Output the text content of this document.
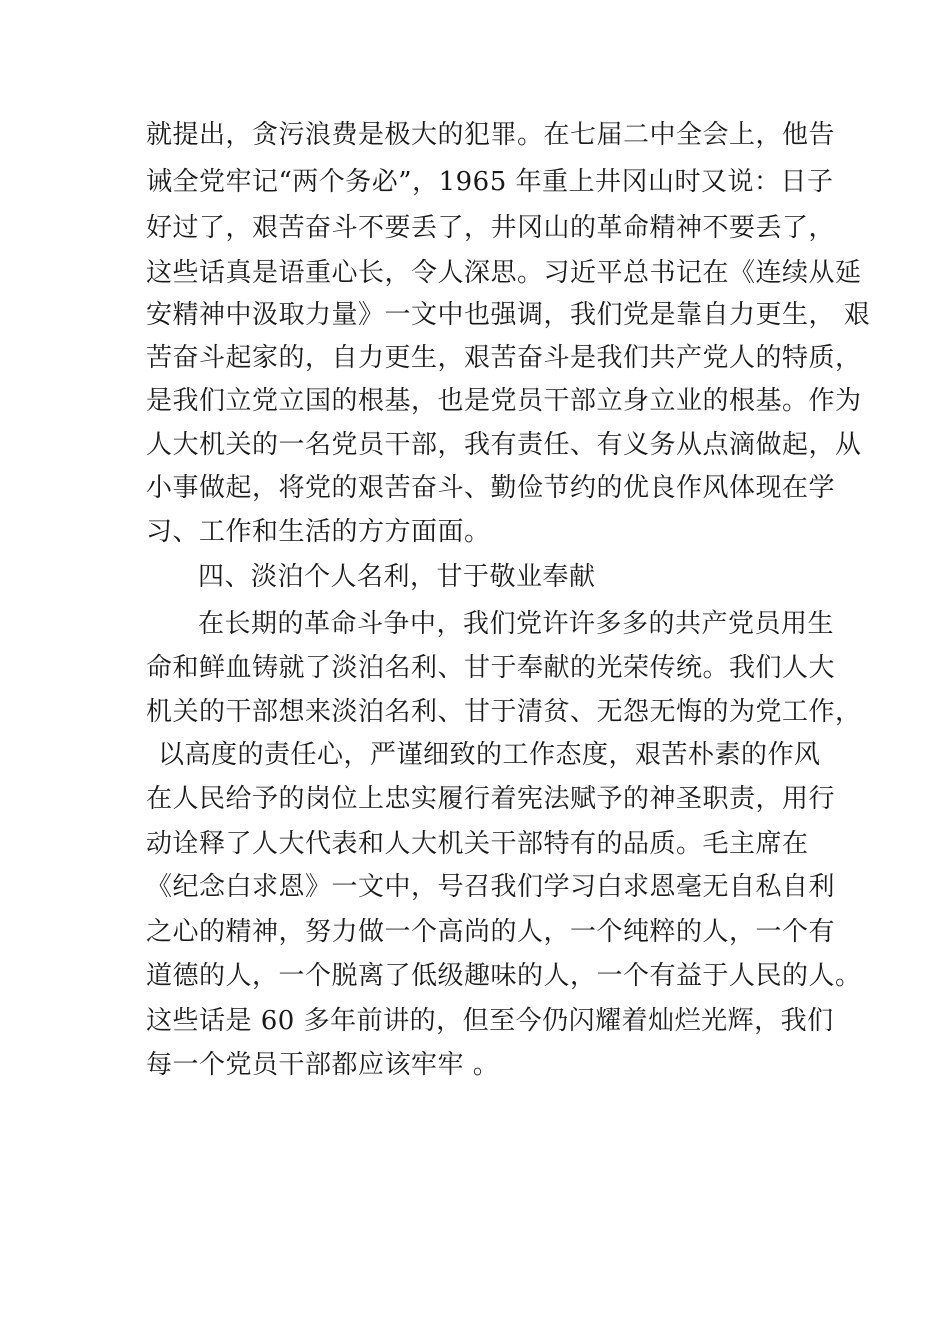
就提出，贪污浪费是极大的犯罪。在七届二中全会上，他告
诫全党牢记“两个务必”，1965 年重上井冈山时又说：日子
好过了，艰苦奋斗不要丢了，井冈山的革命精神不要丢了，
这些话真是语重心长，令人深思。习近平总书记在《连续从延
安精神中汲取力量》一文中也强调，我们党是靠自力更生， 艰
苦奋斗起家的，自力更生，艰苦奋斗是我们共产党人的特质，
是我们立党立国的根基，也是党员干部立身立业的根基。作为
人大机关的一名党员干部，我有责任、有义务从点滴做起，从
小事做起，将党的艰苦奋斗、勤俭节约的优良作风体现在学
习、工作和生活的方方面面。
四、淡泊个人名利，甘于敬业奉献
在长期的革命斗争中，我们党许许多多的共产党员用生
命和鲜血铸就了淡泊名利、甘于奉献的光荣传统。我们人大
机关的干部想来淡泊名利、甘于清贫、无怨无悔的为党工作，
以高度的责任心，严谨细致的工作态度，艰苦朴素的作风
在人民给予的岗位上忠实履行着宪法赋予的神圣职责，用行
动诠释了人大代表和人大机关干部特有的品质。毛主席在
《纪念白求恩》一文中，号召我们学习白求恩毫无自私自利
之心的精神，努力做一个高尚的人，一个纯粹的人，一个有
道德的人，一个脱离了低级趣味的人，一个有益于人民的人。
这些话是 60 多年前讲的，但至今仍闪耀着灿烂光辉，我们
每一个党员干部都应该牢牢 。
